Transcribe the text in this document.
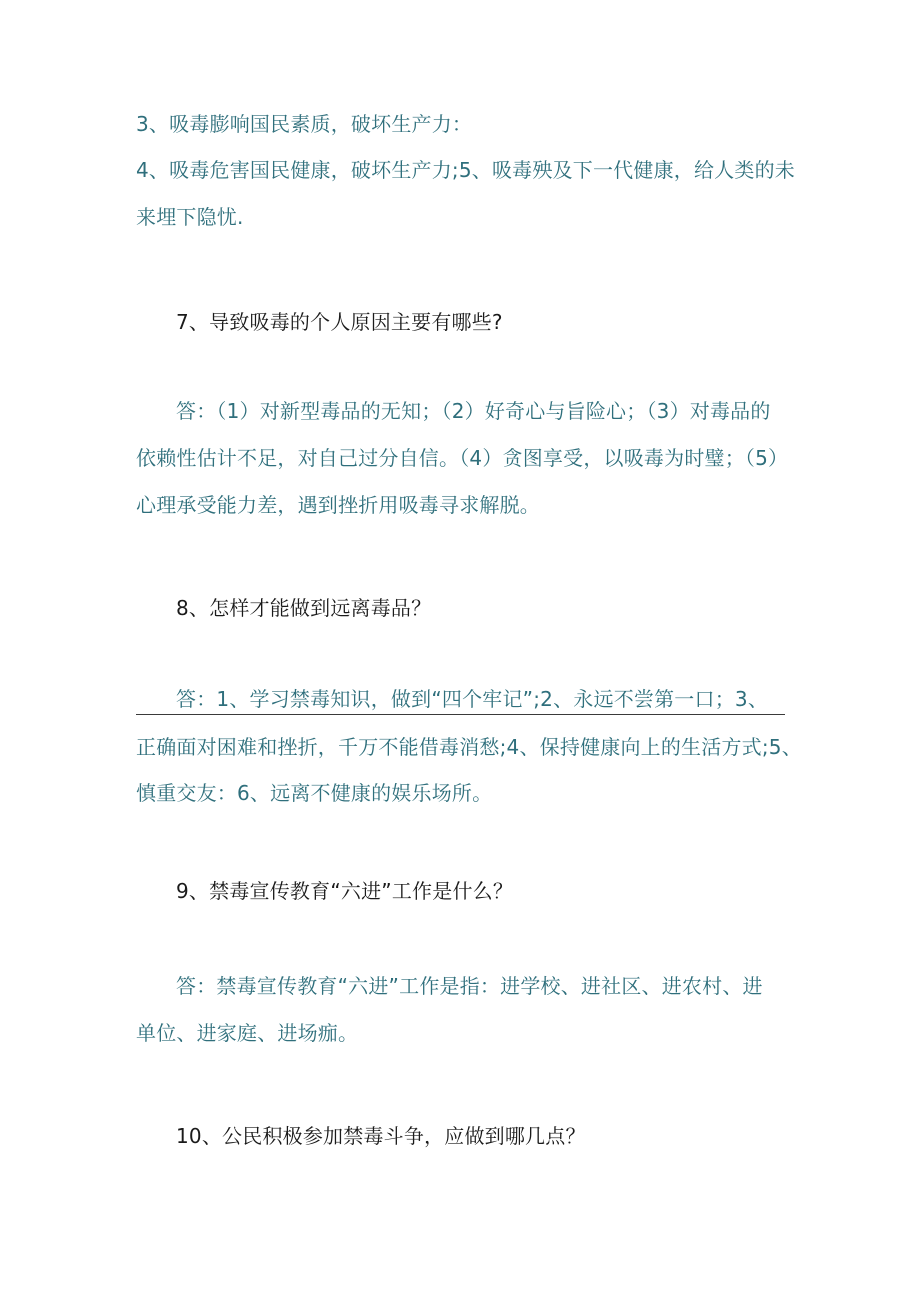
3、吸毒膨响国民素质，破坏生产力：
4、吸毒危害国民健康，破坏生产力;5、吸毒殃及下一代健康，给人类的未
来埋下隐忧.
7、导致吸毒的个人原因主要有哪些?
答：（1）对新型毒品的无知；（2）好奇心与旨险心；（3）对毒品的
依赖性估计不足，对自己过分自信。（4）贪图享受，以吸毒为时璧；（5）
心理承受能力差，遇到挫折用吸毒寻求解脱。
8、怎样才能做到远离毒品？
答：1、学习禁毒知识，做到“四个牢记”;2、永远不尝第一口；3、
正确面对困难和挫折，千万不能借毒消愁;4、保持健康向上的生活方式;5、
慎重交友：6、远离不健康的娱乐场所。
9、禁毒宣传教育“六进”工作是什么？
答：禁毒宣传教育“六进”工作是指：进学校、进社区、进农村、进
单位、进家庭、进场痂。
10、公民积极参加禁毒斗争，应做到哪几点？
